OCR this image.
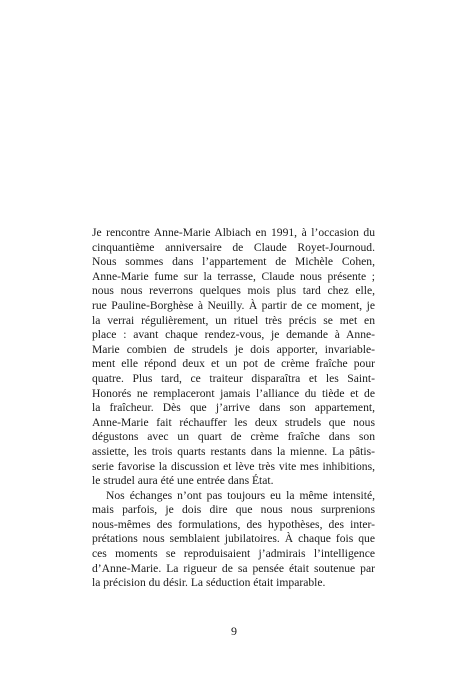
Je rencontre Anne-Marie Albiach en 1991, à l’occasion du
cinquantième anniversaire de Claude Royet-Journoud.
Nous sommes dans l’appartement de Michèle Cohen,
Anne-Marie fume sur la terrasse, Claude nous présente ;
nous nous reverrons quelques mois plus tard chez elle,
rue Pauline-Borghèse à Neuilly. À partir de ce moment, je
la verrai régulièrement, un rituel très précis se met en
place : avant chaque rendez-vous, je demande à Anne-
Marie combien de strudels je dois apporter, invariable-
ment elle répond deux et un pot de crème fraîche pour
quatre. Plus tard, ce traiteur disparaîtra et les Saint-
Honorés ne remplaceront jamais l’alliance du tiède et de
la fraîcheur. Dès que j’arrive dans son appartement,
Anne-Marie fait réchauffer les deux strudels que nous
dégustons avec un quart de crème fraîche dans son
assiette, les trois quarts restants dans la mienne. La pâtis-
serie favorise la discussion et lève très vite mes inhibitions,
le strudel aura été une entrée dans État.
Nos échanges n’ont pas toujours eu la même intensité,
mais parfois, je dois dire que nous nous surprenions
nous-mêmes des formulations, des hypothèses, des inter-
prétations nous semblaient jubilatoires. À chaque fois que
ces moments se reproduisaient j’admirais l’intelligence
d’Anne-Marie. La rigueur de sa pensée était soutenue par
la précision du désir. La séduction était imparable.
9
